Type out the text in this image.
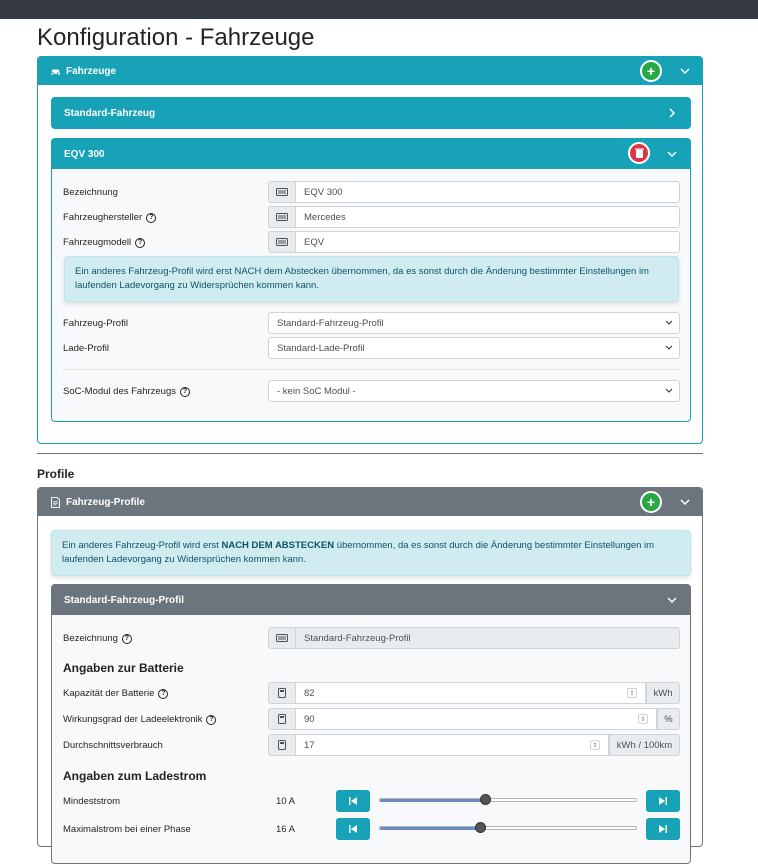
Konfiguration - Fahrzeuge
Fahrzeuge	+
Standard-Fahrzeug
EQV 300
Bezeichnung	EQV 300
Fahrzeughersteller ?	Mercedes
Fahrzeugmodell ?	EQV
Ein anderes Fahrzeug-Profil wird erst NACH dem Abstecken übernommen, da es sonst durch die Änderung bestimmter Einstellungen im laufenden Ladevorgang zu Widersprüchen kommen kann.
Fahrzeug-Profil	Standard-Fahrzeug-Profil
Lade-Profil	Standard-Lade-Profil
SoC-Modul des Fahrzeugs ?	- kein SoC Modul -
Profile
Fahrzeug-Profile	+
Ein anderes Fahrzeug-Profil wird erst NACH DEM ABSTECKEN übernommen, da es sonst durch die Änderung bestimmter Einstellungen im laufenden Ladevorgang zu Widersprüchen kommen kann.
Standard-Fahrzeug-Profil
Bezeichnung ?	Standard-Fahrzeug-Profil
Angaben zur Batterie
Kapazität der Batterie ?	82	⇕	kWh
Wirkungsgrad der Ladeelektronik ?	90	⇕	%
Durchschnittsverbrauch	17	⇕	kWh / 100km
Angaben zum Ladestrom
Mindeststrom	10 A
Maximalstrom bei einer Phase	16 A
